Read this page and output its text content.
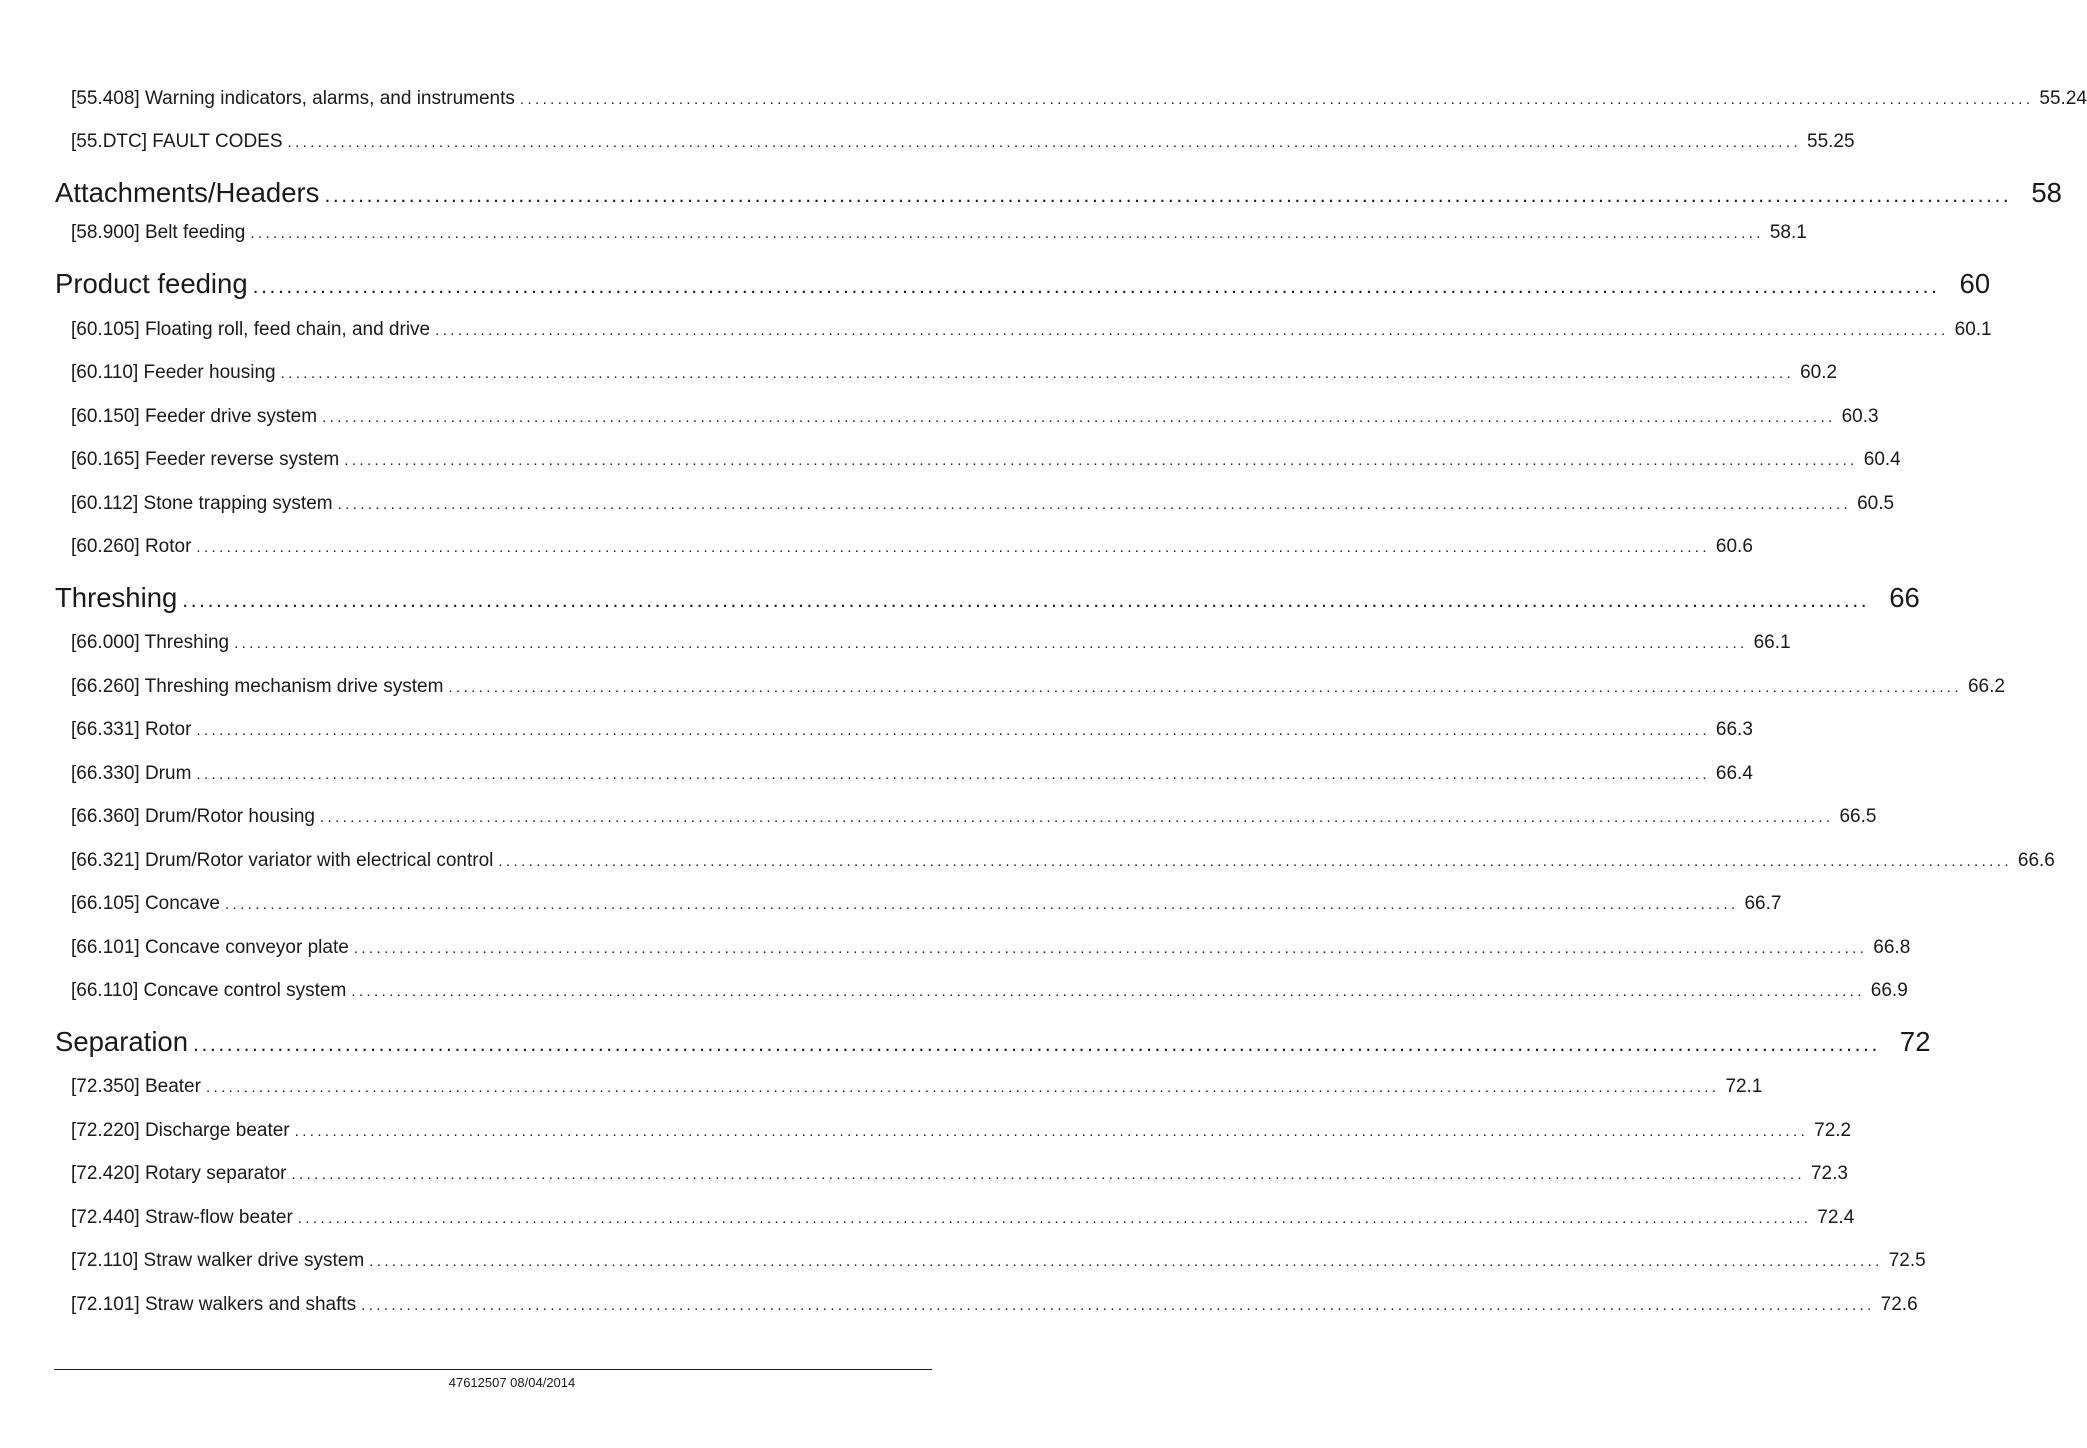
[55.408] Warning indicators, alarms, and instruments ........................................................................................................................................................................................................ 55.24
[55.DTC] FAULT CODES ........................................................................................................................................................................................................ 55.25
Attachments/Headers ........................................................................................................................................................................................................ 58
[58.900] Belt feeding ........................................................................................................................................................................................................ 58.1
Product feeding ........................................................................................................................................................................................................ 60
[60.105] Floating roll, feed chain, and drive ........................................................................................................................................................................................................ 60.1
[60.110] Feeder housing ........................................................................................................................................................................................................ 60.2
[60.150] Feeder drive system ........................................................................................................................................................................................................ 60.3
[60.165] Feeder reverse system ........................................................................................................................................................................................................ 60.4
[60.112] Stone trapping system ........................................................................................................................................................................................................ 60.5
[60.260] Rotor ........................................................................................................................................................................................................ 60.6
Threshing ........................................................................................................................................................................................................ 66
[66.000] Threshing ........................................................................................................................................................................................................ 66.1
[66.260] Threshing mechanism drive system ........................................................................................................................................................................................................ 66.2
[66.331] Rotor ........................................................................................................................................................................................................ 66.3
[66.330] Drum ........................................................................................................................................................................................................ 66.4
[66.360] Drum/Rotor housing ........................................................................................................................................................................................................ 66.5
[66.321] Drum/Rotor variator with electrical control ........................................................................................................................................................................................................ 66.6
[66.105] Concave ........................................................................................................................................................................................................ 66.7
[66.101] Concave conveyor plate ........................................................................................................................................................................................................ 66.8
[66.110] Concave control system ........................................................................................................................................................................................................ 66.9
Separation ........................................................................................................................................................................................................ 72
[72.350] Beater ........................................................................................................................................................................................................ 72.1
[72.220] Discharge beater ........................................................................................................................................................................................................ 72.2
[72.420] Rotary separator ........................................................................................................................................................................................................ 72.3
[72.440] Straw-flow beater ........................................................................................................................................................................................................ 72.4
[72.110] Straw walker drive system ........................................................................................................................................................................................................ 72.5
[72.101] Straw walkers and shafts ........................................................................................................................................................................................................ 72.6
47612507 08/04/2014
